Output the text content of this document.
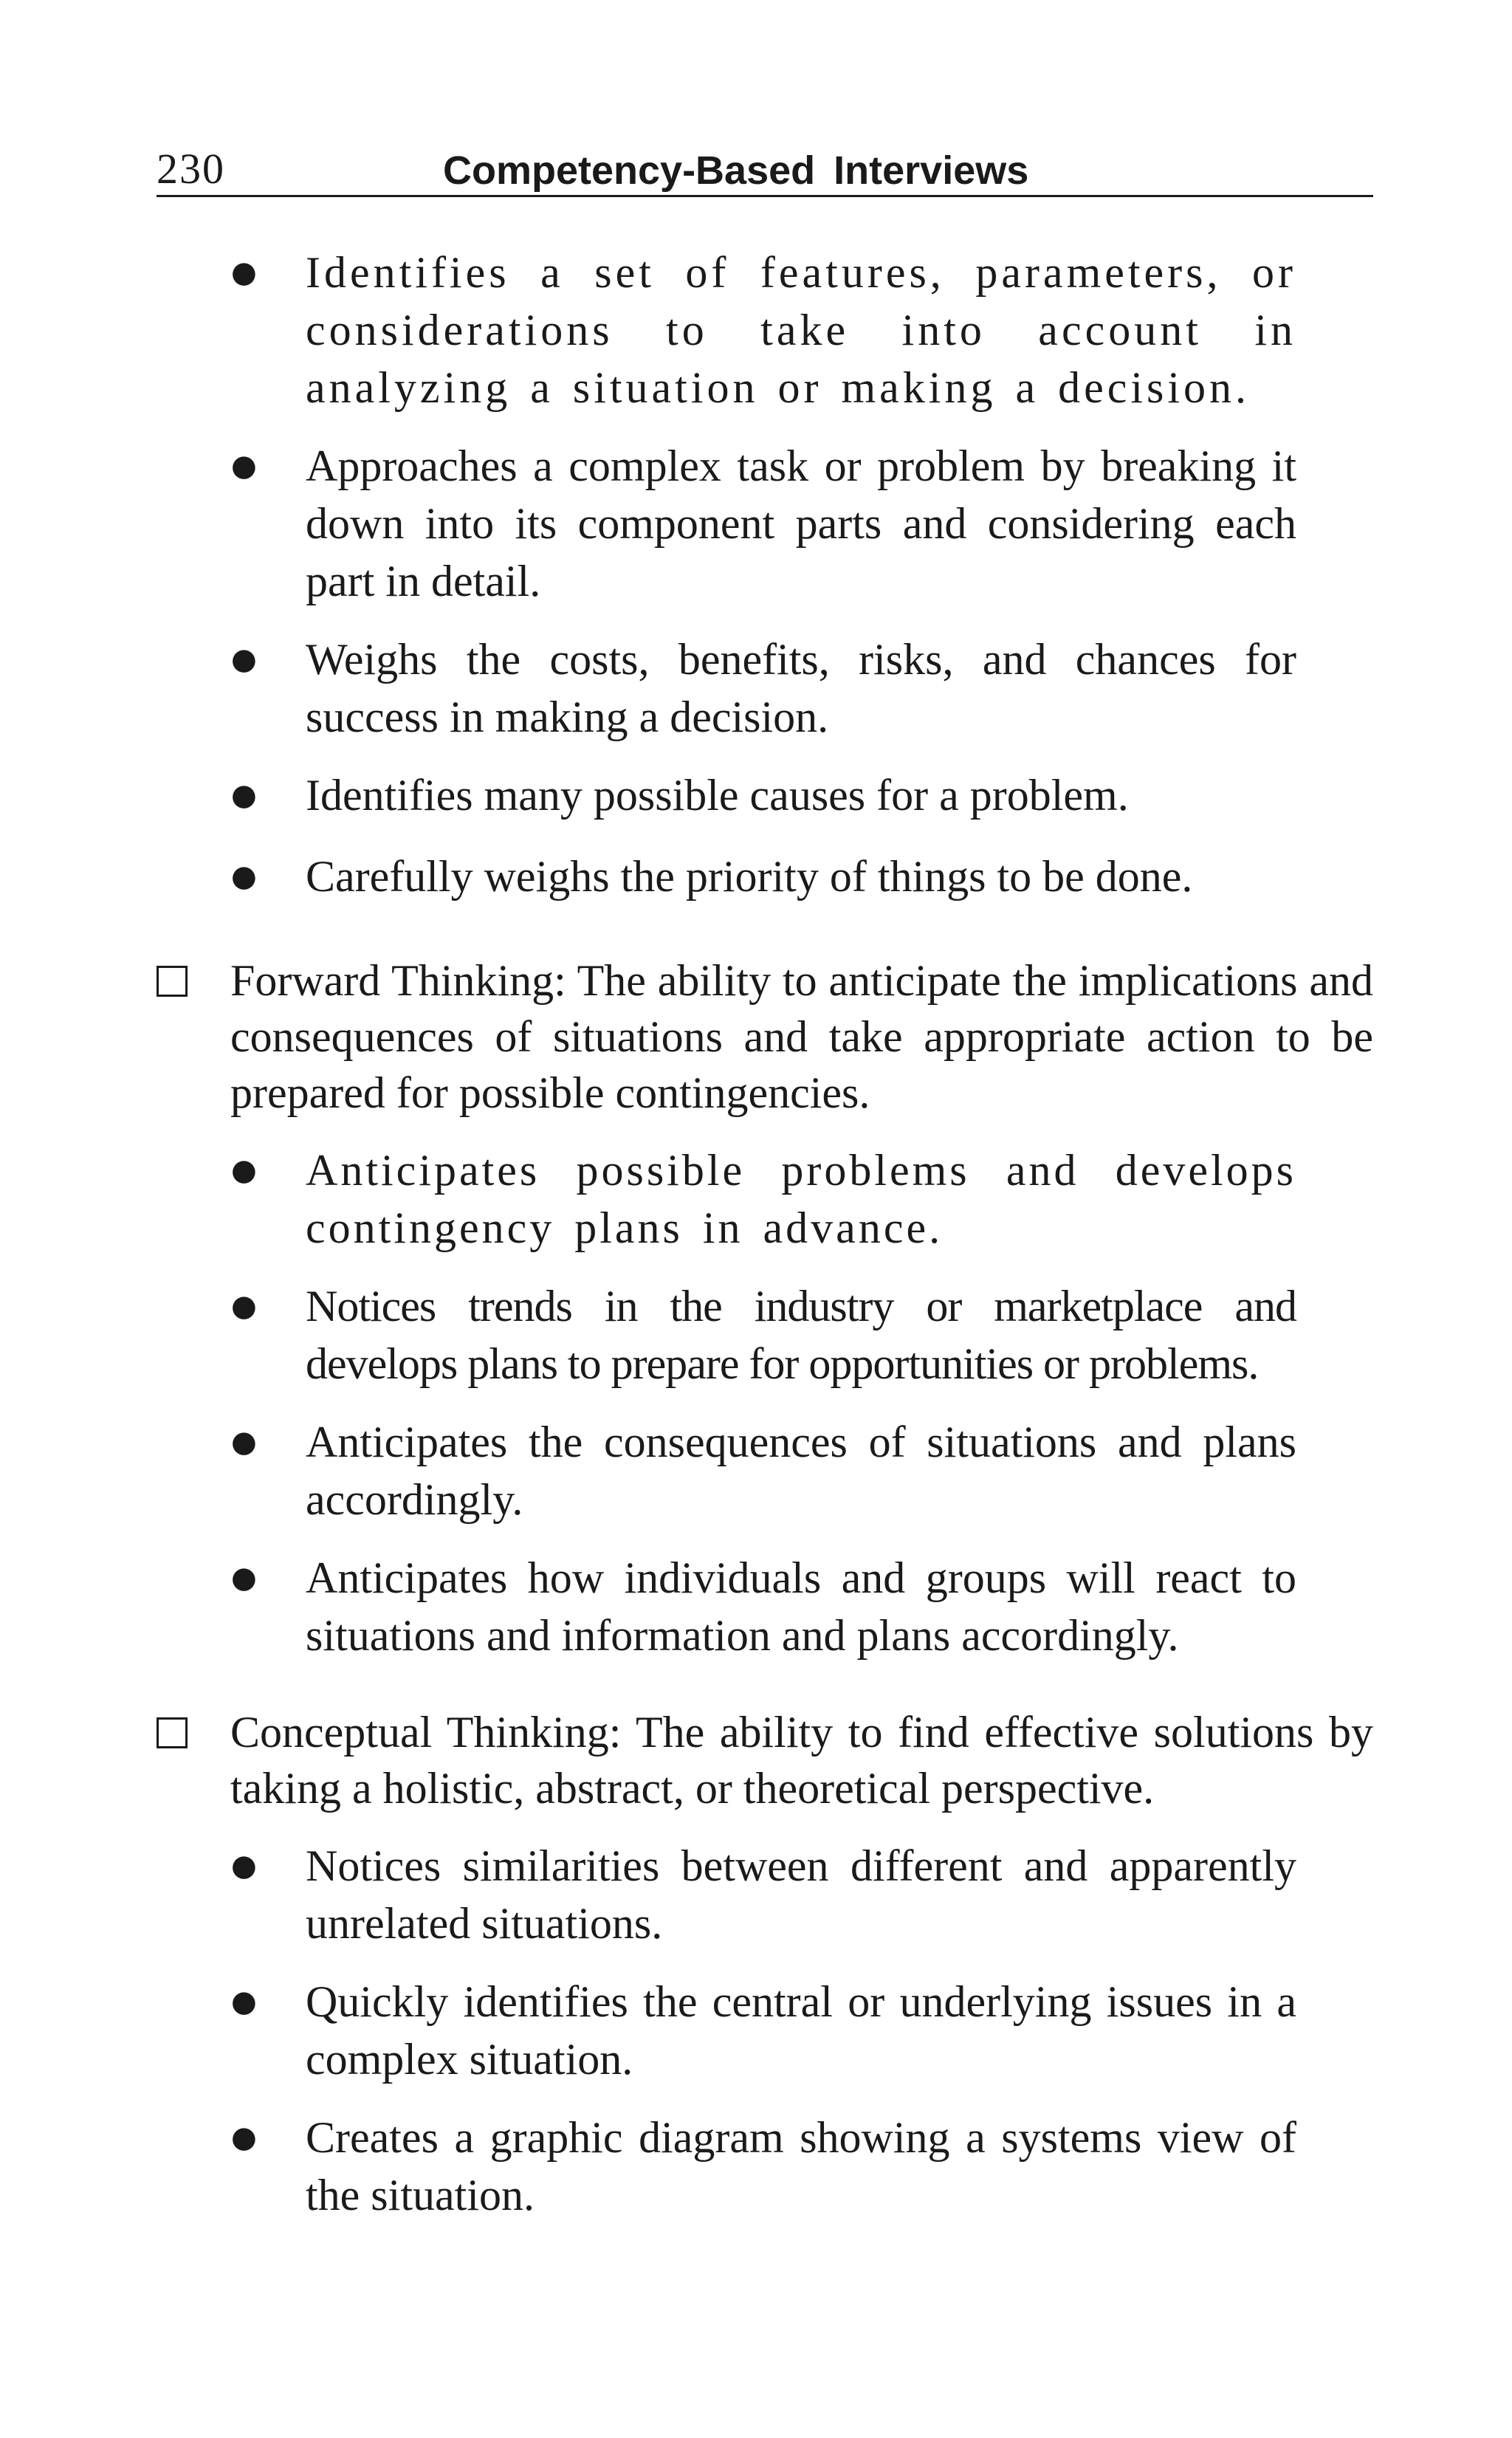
230	Competency-Based Interviews
● Identifies a set of features, parameters, or considerations to take into account in analyzing a situation or making a decision.
● Approaches a complex task or problem by breaking it down into its component parts and considering each part in detail.
● Weighs the costs, benefits, risks, and chances for success in making a decision.
● Identifies many possible causes for a problem.
● Carefully weighs the priority of things to be done.
Forward Thinking: The ability to anticipate the implications and consequences of situations and take appropriate action to be prepared for possible contingencies.
● Anticipates possible problems and develops contingency plans in advance.
● Notices trends in the industry or marketplace and develops plans to prepare for opportunities or problems.
● Anticipates the consequences of situations and plans accordingly.
● Anticipates how individuals and groups will react to situations and information and plans accordingly.
Conceptual Thinking: The ability to find effective solutions by taking a holistic, abstract, or theoretical perspective.
● Notices similarities between different and apparently unrelated situations.
● Quickly identifies the central or underlying issues in a complex situation.
● Creates a graphic diagram showing a systems view of the situation.
